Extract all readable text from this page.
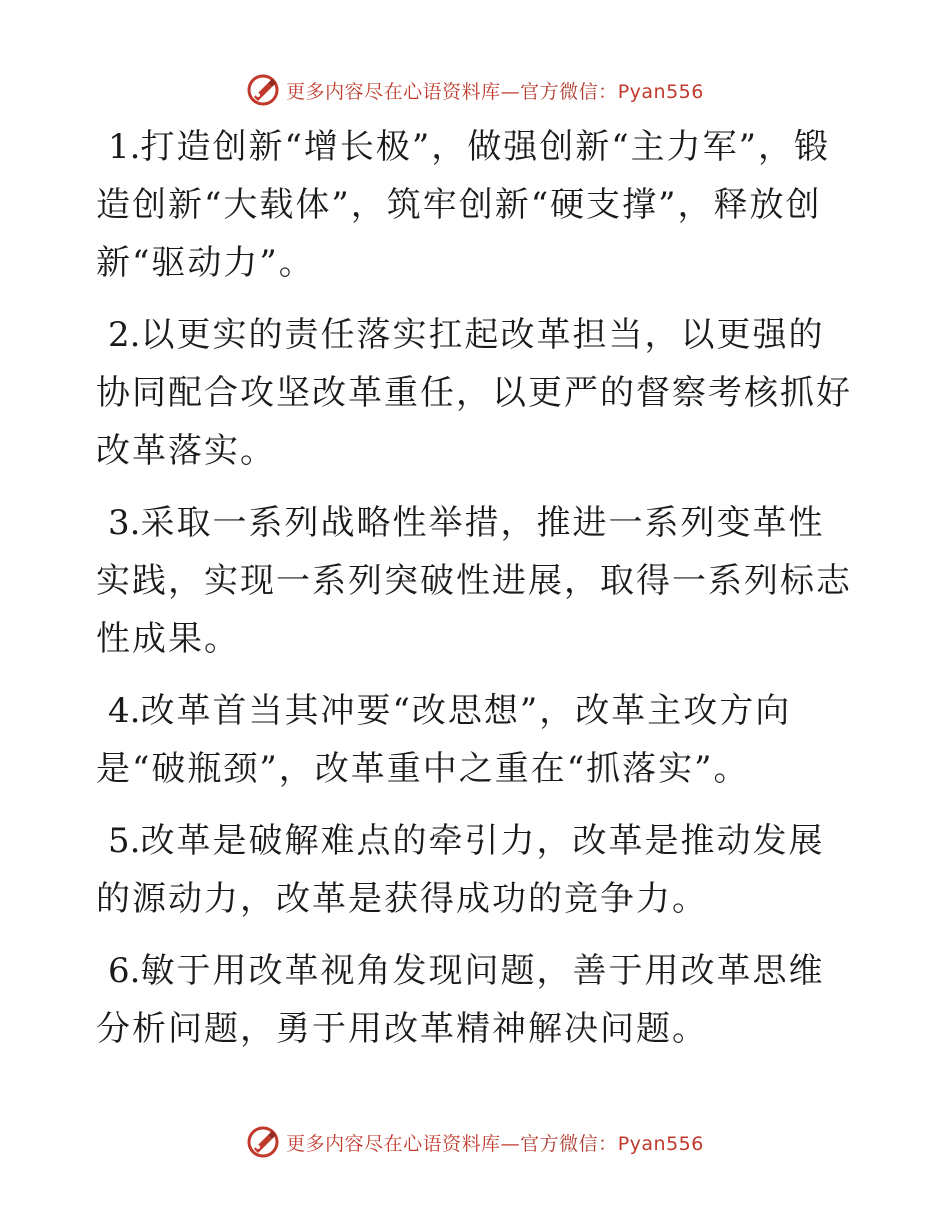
更多内容尽在心语资料库—官方微信：Pyan556

1.打造创新“增长极”，做强创新“主力军”，锻造创新“大载体”，筑牢创新“硬支撑”，释放创新“驱动力”。

2.以更实的责任落实扛起改革担当，以更强的协同配合攻坚改革重任，以更严的督察考核抓好改革落实。

3.采取一系列战略性举措，推进一系列变革性实践，实现一系列突破性进展，取得一系列标志性成果。

4.改革首当其冲要“改思想”，改革主攻方向是“破瓶颈”，改革重中之重在“抓落实”。

5.改革是破解难点的牵引力，改革是推动发展的源动力，改革是获得成功的竞争力。

6.敏于用改革视角发现问题，善于用改革思维分析问题，勇于用改革精神解决问题。

更多内容尽在心语资料库—官方微信：Pyan556
